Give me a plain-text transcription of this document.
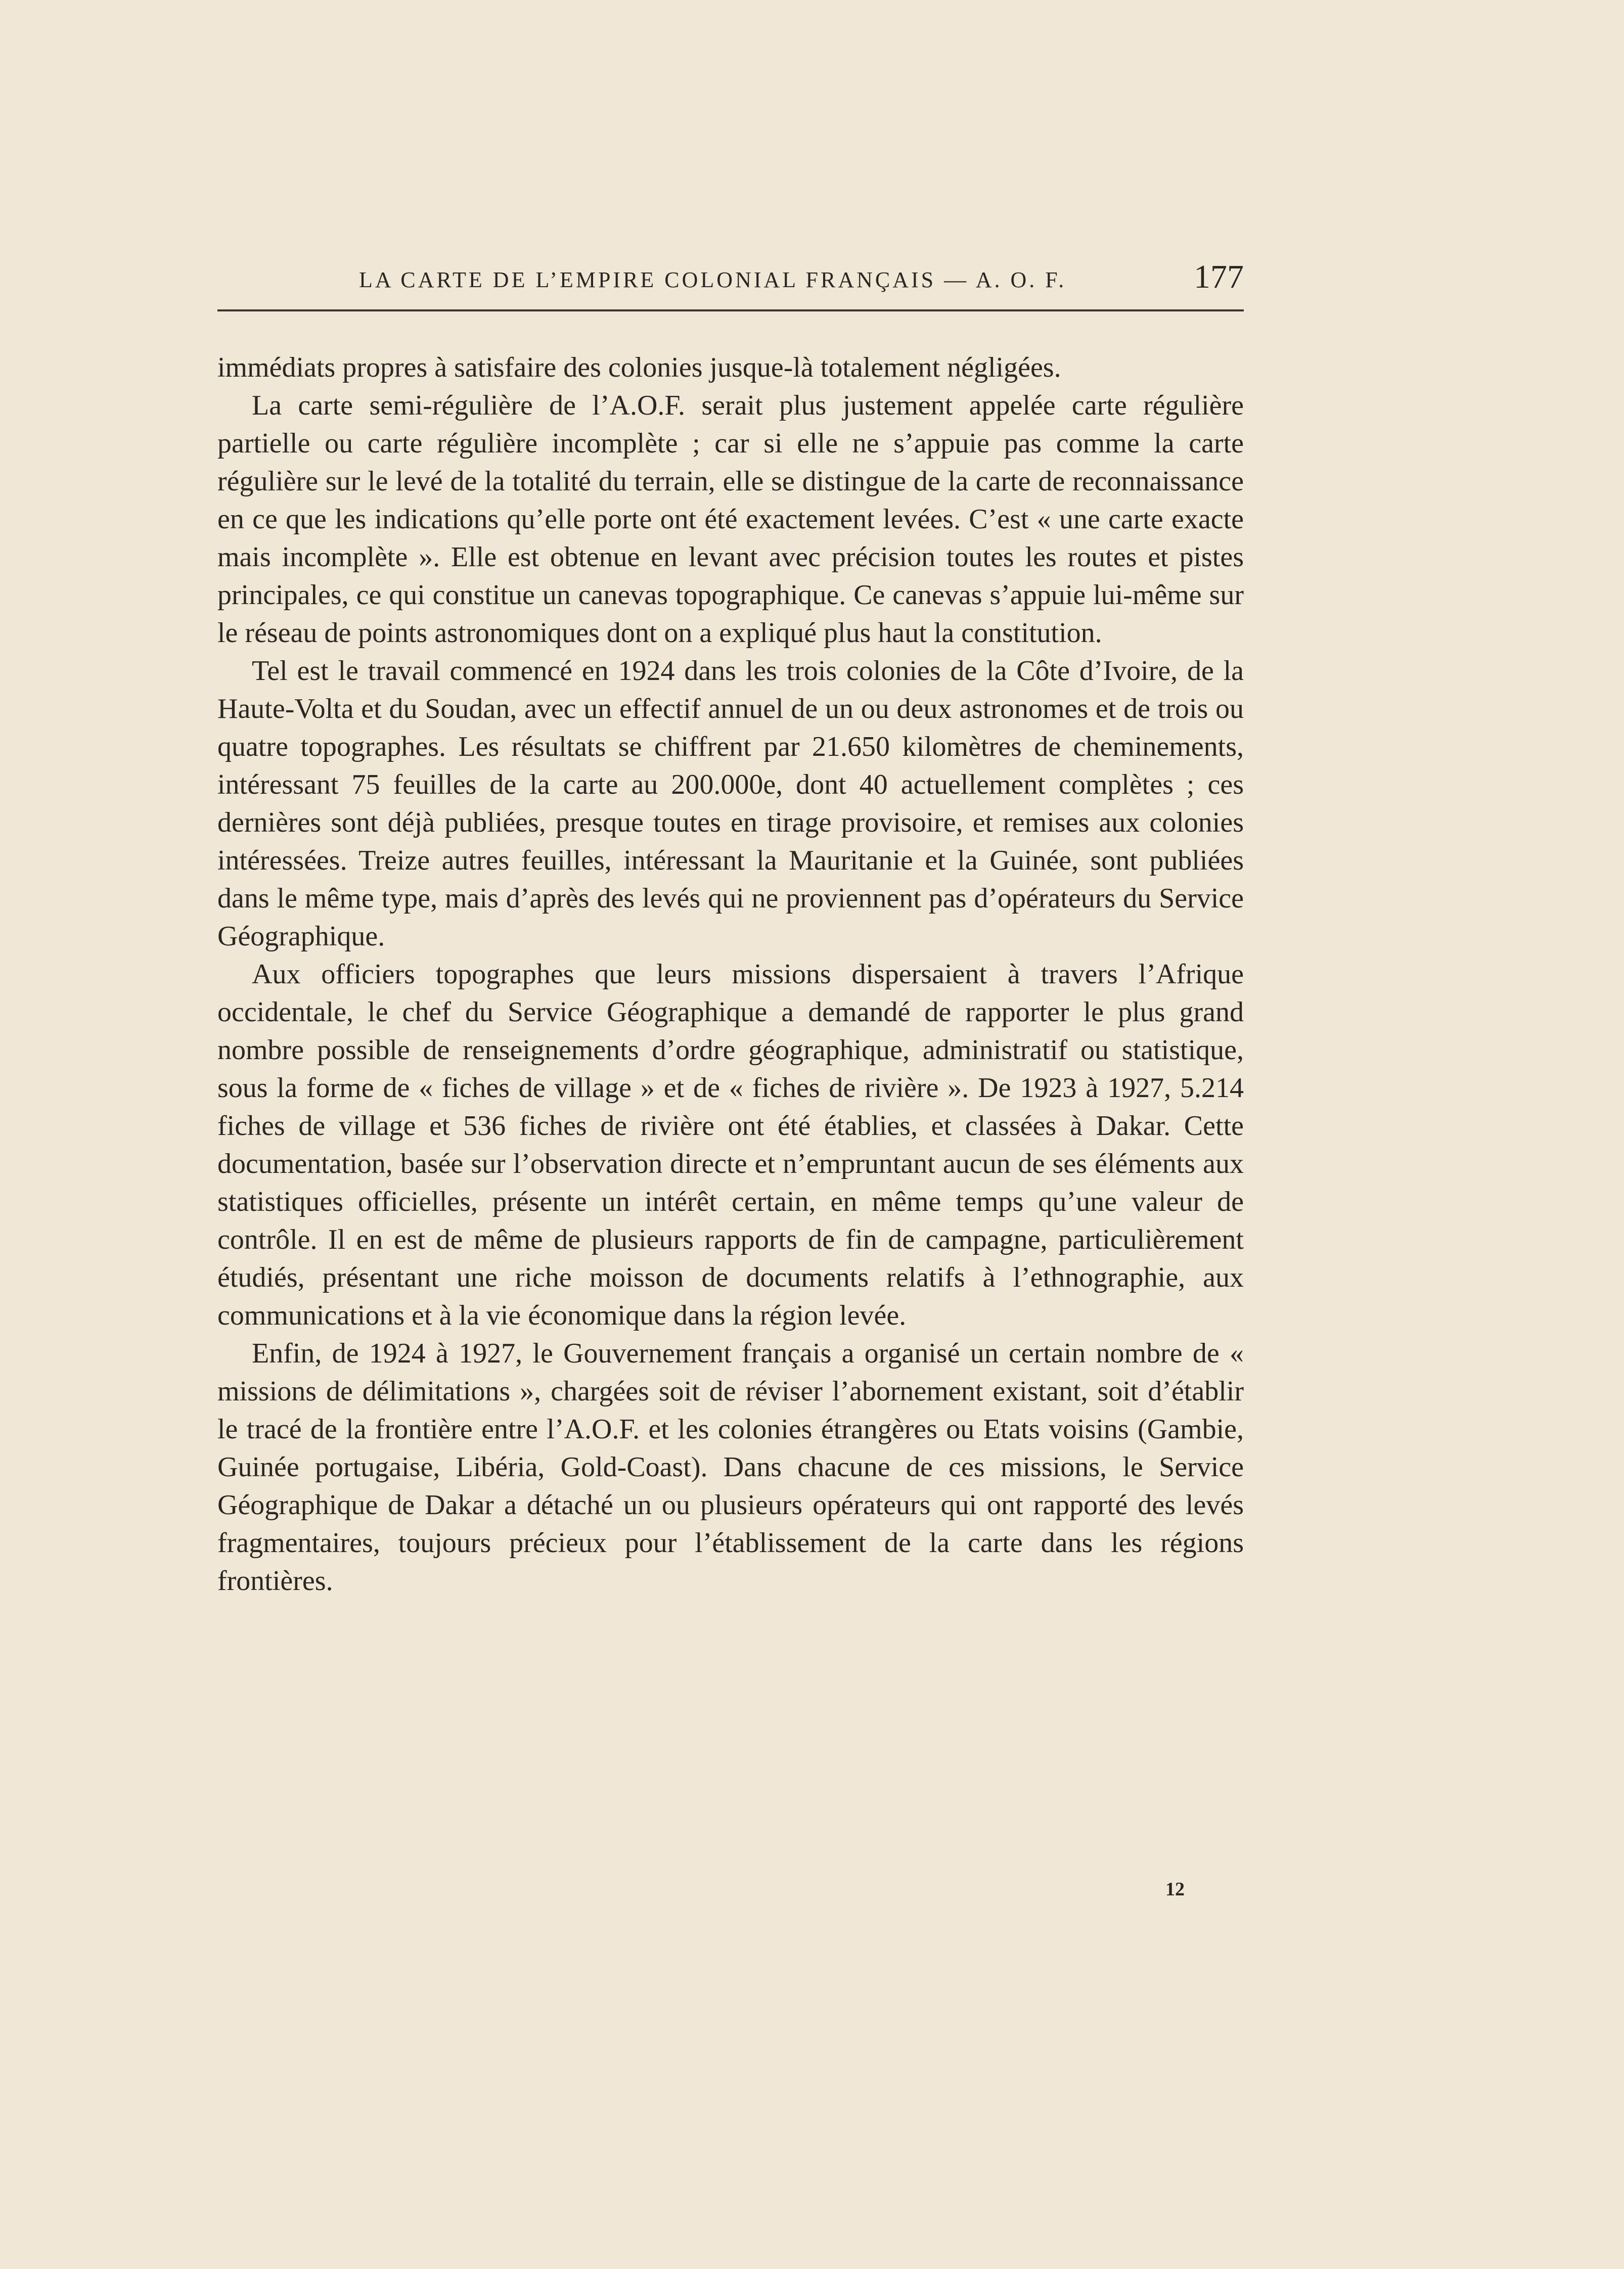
LA CARTE DE L’EMPIRE COLONIAL FRANÇAIS — A. O. F.	177

immédiats propres à satisfaire des colonies jusque-là totalement négligées.

La carte semi-régulière de l’A.O.F. serait plus justement appelée carte régulière partielle ou carte régulière incomplète ; car si elle ne s’appuie pas comme la carte régulière sur le levé de la totalité du terrain, elle se distingue de la carte de reconnaissance en ce que les indications qu’elle porte ont été exactement levées. C’est « une carte exacte mais incomplète ». Elle est obtenue en levant avec précision toutes les routes et pistes principales, ce qui constitue un canevas topographique. Ce canevas s’appuie lui-même sur le réseau de points astronomiques dont on a expliqué plus haut la constitution.

Tel est le travail commencé en 1924 dans les trois colonies de la Côte d’Ivoire, de la Haute-Volta et du Soudan, avec un effectif annuel de un ou deux astronomes et de trois ou quatre topographes. Les résultats se chiffrent par 21.650 kilomètres de cheminements, intéressant 75 feuilles de la carte au 200.000e, dont 40 actuellement complètes ; ces dernières sont déjà publiées, presque toutes en tirage provisoire, et remises aux colonies intéressées. Treize autres feuilles, intéressant la Mauritanie et la Guinée, sont publiées dans le même type, mais d’après des levés qui ne proviennent pas d’opérateurs du Service Géographique.

Aux officiers topographes que leurs missions dispersaient à travers l’Afrique occidentale, le chef du Service Géographique a demandé de rapporter le plus grand nombre possible de renseignements d’ordre géographique, administratif ou statistique, sous la forme de « fiches de village » et de « fiches de rivière ». De 1923 à 1927, 5.214 fiches de village et 536 fiches de rivière ont été établies, et classées à Dakar. Cette documentation, basée sur l’observation directe et n’empruntant aucun de ses éléments aux statistiques officielles, présente un intérêt certain, en même temps qu’une valeur de contrôle. Il en est de même de plusieurs rapports de fin de campagne, particulièrement étudiés, présentant une riche moisson de documents relatifs à l’ethnographie, aux communications et à la vie économique dans la région levée.

Enfin, de 1924 à 1927, le Gouvernement français a organisé un certain nombre de « missions de délimitations », chargées soit de réviser l’abornement existant, soit d’établir le tracé de la frontière entre l’A.O.F. et les colonies étrangères ou Etats voisins (Gambie, Guinée portugaise, Libéria, Gold-Coast). Dans chacune de ces missions, le Service Géographique de Dakar a détaché un ou plusieurs opérateurs qui ont rapporté des levés fragmentaires, toujours précieux pour l’établissement de la carte dans les régions frontières.

12
